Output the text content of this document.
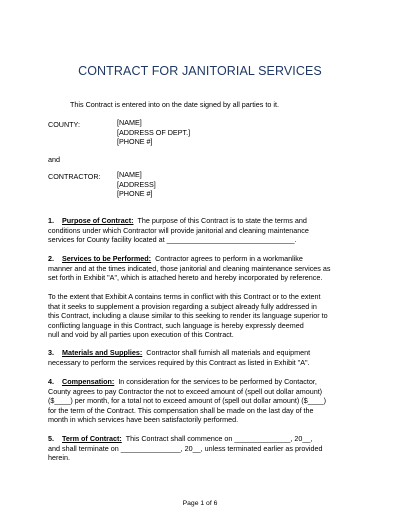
CONTRACT FOR JANITORIAL SERVICES
This Contract is entered into on the date signed by all parties to it.
COUNTY:	[NAME]
[ADDRESS OF DEPT.]
[PHONE #]
and
CONTRACTOR: [NAME]
[ADDRESS]
[PHONE #]
1. Purpose of Contract: The purpose of this Contract is to state the terms and
conditions under which Contractor will provide janitorial and cleaning maintenance
services for County facility located at ________________________________.
2. Services to be Performed: Contractor agrees to perform in a workmanlike
manner and at the times indicated, those janitorial and cleaning maintenance services as
set forth in Exhibit "A", which is attached hereto and hereby incorporated by reference.
To the extent that Exhibit A contains terms in conflict with this Contract or to the extent
that it seeks to supplement a provision regarding a subject already fully addressed in
this Contract, including a clause similar to this seeking to render its language superior to
conflicting language in this Contract, such language is hereby expressly deemed
null and void by all parties upon execution of this Contract.
3. Materials and Supplies: Contractor shall furnish all materials and equipment
necessary to perform the services required by this Contract as listed in Exhibit "A".
4. Compensation: In consideration for the services to be performed by Contactor,
County agrees to pay Contractor the not to exceed amount of (spell out dollar amount)
($____) per month, for a total not to exceed amount of (spell out dollar amount) ($____)
for the term of the Contract. This compensation shall be made on the last day of the
month in which services have been satisfactorily performed.
5. Term of Contract: This Contract shall commence on ______________, 20__,
and shall terminate on _______________, 20__, unless terminated earlier as provided
herein.
Page 1 of 6
